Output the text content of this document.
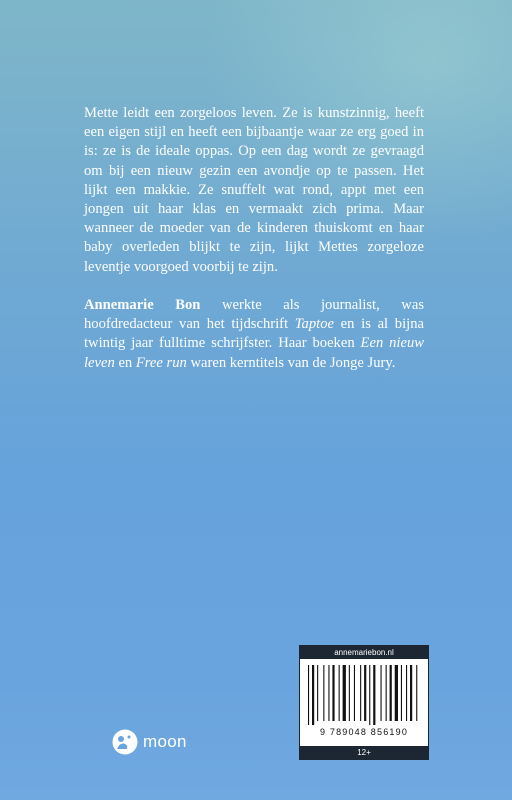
Mette leidt een zorgeloos leven. Ze is kunstzinnig, heeft een eigen stijl en heeft een bijbaantje waar ze erg goed in is: ze is de ideale oppas. Op een dag wordt ze gevraagd om bij een nieuw gezin een avondje op te passen. Het lijkt een makkie. Ze snuffelt wat rond, appt met een jongen uit haar klas en vermaakt zich prima. Maar wanneer de moeder van de kinderen thuiskomt en haar baby overleden blijkt te zijn, lijkt Mettes zorgeloze leventje voorgoed voorbij te zijn.

Annemarie Bon werkte als journalist, was hoofdredacteur van het tijdschrift Taptoe en is al bijna twintig jaar fulltime schrijfster. Haar boeken Een nieuw leven en Free run waren kerntitels van de Jonge Jury.

moon
annemariebon.nl
9 789048 856190
12+
